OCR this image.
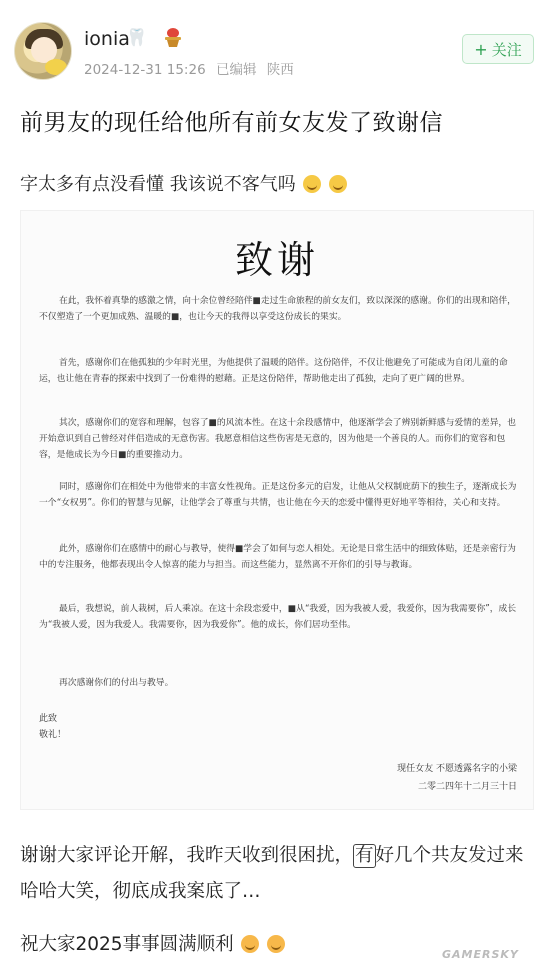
ionia
🦷
2024-12-31 15:26 已编辑 陕西
+ 关注
前男友的现任给他所有前女友发了致谢信
字太多有点没看懂 我该说不客气吗
致谢
在此，我怀着真挚的感激之情，向十余位曾经陪伴■走过生命旅程的前女友们，致以深深的感谢。你们的出现和陪伴，不仅塑造了一个更加成熟、温暖的■，也让今天的我得以享受这份成长的果实。
首先，感谢你们在他孤独的少年时光里，为他提供了温暖的陪伴。这份陪伴，不仅让他避免了可能成为自闭儿童的命运，也让他在青春的探索中找到了一份难得的慰藉。正是这份陪伴，帮助他走出了孤独，走向了更广阔的世界。
其次，感谢你们的宽容和理解，包容了■的风流本性。在这十余段感情中，他逐渐学会了辨别新鲜感与爱情的差异，也开始意识到自己曾经对伴侣造成的无意伤害。我愿意相信这些伤害是无意的，因为他是一个善良的人。而你们的宽容和包容，是他成长为今日■的重要推动力。
同时，感谢你们在相处中为他带来的丰富女性视角。正是这份多元的启发，让他从父权制庇荫下的独生子，逐渐成长为一个“女权男”。你们的智慧与见解，让他学会了尊重与共情，也让他在今天的恋爱中懂得更好地平等相待，关心和支持。
此外，感谢你们在感情中的耐心与教导，使得■学会了如何与恋人相处。无论是日常生活中的细致体贴，还是亲密行为中的专注服务，他都表现出令人惊喜的能力与担当。而这些能力，显然离不开你们的引导与教诲。
最后，我想说，前人栽树，后人乘凉。在这十余段恋爱中，■从“我爱，因为我被人爱，我爱你，因为我需要你”，成长为“我被人爱，因为我爱人。我需要你，因为我爱你”。他的成长，你们居功至伟。
再次感谢你们的付出与教导。
此致
敬礼！
现任女友 不愿透露名字的小梁
二零二四年十二月三十日
谢谢大家评论开解，我昨天收到很困扰， 有 好几个共友发过来哈哈大笑，彻底成我案底了…
祝大家2025事事圆满顺利	GAMERSKY
